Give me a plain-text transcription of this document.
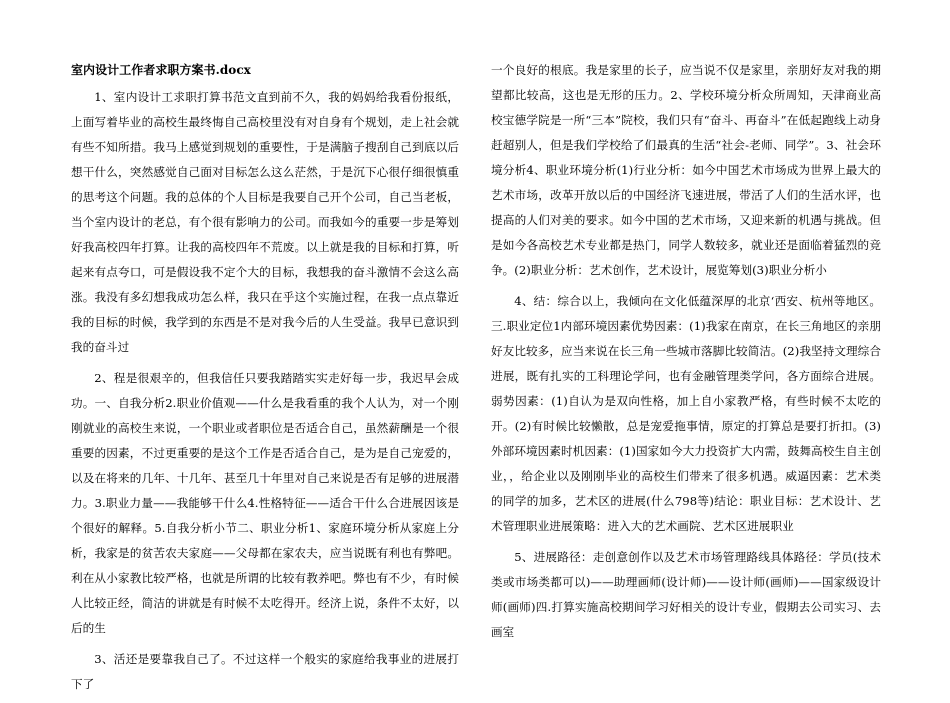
室内设计工作者求职方案书.docx

1、室内设计工求职打算书范文直到前不久，我的妈妈给我看份报纸，上面写着毕业的高校生最终悔自己高校里没有对自身有个规划，走上社会就有些不知所措。我马上感觉到规划的重要性，于是满脑子搜刮自己到底以后想干什么，突然感觉自己面对目标怎么这么茫然，于是沉下心很仔细很慎重的思考这个问题。我的总体的个人目标是我要自己开个公司，自己当老板，当个室内设计的老总，有个很有影响力的公司。而我如今的重要一步是筹划好我高校四年打算。让我的高校四年不荒废。以上就是我的目标和打算，听起来有点夸口，可是假设我不定个大的目标，我想我的奋斗激情不会这么高涨。我没有多幻想我成功怎么样，我只在乎这个实施过程，在我一点点靠近我的目标的时候，我学到的东西是不是对我今后的人生受益。我早已意识到我的奋斗过

2、程是很艰辛的，但我信任只要我踏踏实实走好每一步，我迟早会成功。一、自我分析2.职业价值观——什么是我看重的我个人认为，对一个刚刚就业的高校生来说，一个职业或者职位是否适合自己，虽然薪酬是一个很重要的因素，不过更重要的是这个工作是否适合自己，是为是自己宠爱的，以及在将来的几年、十几年、甚至几十年里对自己来说是否有足够的进展潜力。3.职业力量——我能够干什么4.性格特征——适合干什么合进展因该是个很好的解释。5.自我分析小节二、职业分析1、家庭环境分析从家庭上分析，我家是的贫苦农夫家庭——父母都在家农夫，应当说既有利也有弊吧。利在从小家教比较严格，也就是所谓的比较有教养吧。弊也有不少，有时候人比较正经，简洁的讲就是有时候不太吃得开。经济上说，条件不太好，以后的生

3、活还是要靠我自己了。不过这样一个般实的家庭给我事业的进展打下了

一个良好的根底。我是家里的长子，应当说不仅是家里，亲朋好友对我的期望都比较高，这也是无形的压力。2、学校环境分析众所周知，天津商业高校宝德学院是一所“三本”院校，我们只有“奋斗、再奋斗”在低起跑线上动身赶超别人，但是我们学校给了们最真的生活“社会-老师、同学”。3、社会环境分析4、职业环境分析(1)行业分析：如今中国艺术市场成为世界上最大的艺术市场，改革开放以后的中国经济飞速进展，带活了人们的生活水评，也提高的人们对美的要求。如今中国的艺术市场，又迎来新的机遇与挑战。但是如今各高校艺术专业都是热门，同学人数较多，就业还是面临着猛烈的竞争。(2)职业分析：艺术创作，艺术设计，展览筹划(3)职业分析小

4、结：综合以上，我倾向在文化低蕴深厚的北京‘西安、杭州等地区。三.职业定位1内部环境因素优势因素：(1)我家在南京，在长三角地区的亲朋好友比较多，应当来说在长三角一些城市落脚比较简洁。(2)我坚持文理综合进展，既有扎实的工科理论学问，也有金融管理类学问，各方面综合进展。弱势因素：(1)自认为是双向性格，加上自小家教严格，有些时候不太吃的开。(2)有时候比较懒散，总是宠爱拖事情，原定的打算总是要打折扣。(3)外部环境因素时机因素：(1)国家如今大力投资扩大内需，鼓舞高校生自主创业，，给企业以及刚刚毕业的高校生们带来了很多机遇。威逼因素：艺术类的同学的加多，艺术区的进展(什么798等)结论：职业目标：艺术设计、艺术管理职业进展策略：进入大的艺术画院、艺术区进展职业

5、进展路径：走创意创作以及艺术市场管理路线具体路径：学员(技术类或市场类都可以)——助理画师(设计师)——设计师(画师)——国家级设计师(画师)四.打算实施高校期间学习好相关的设计专业，假期去公司实习、去画室
